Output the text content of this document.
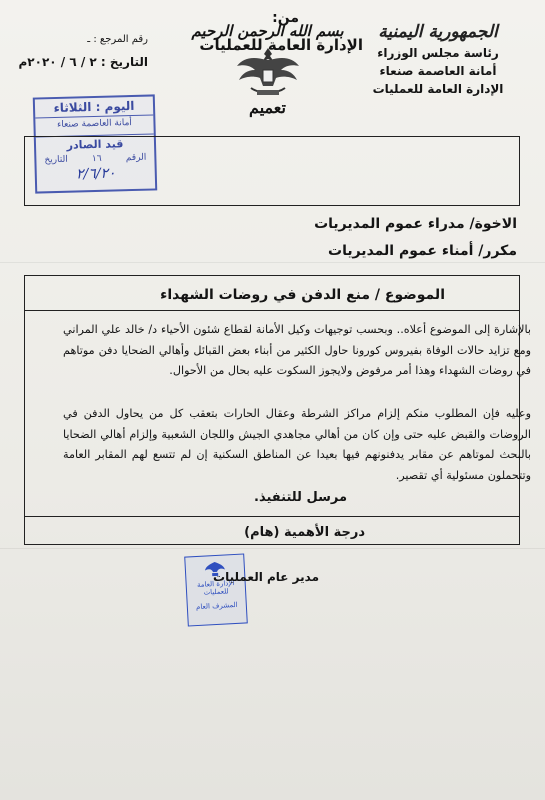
الجمهورية اليمنية
رئاسة مجلس الوزراء
أمانة العاصمة صنعاء
الإدارة العامة للعمليات
بسم الله الرحمن الرحيم
تعميم
رقم المرجع : ـ
التاريخ : ٢ / ٦ / ٢٠٢٠م
اليوم : الثلاثاء
أمانة العاصمة صنعاء
قيد الصادر
الرقم
١٦
التاريخ
٢/٦/٢٠
من:
الإدارة العامة للعمليات
الاخوة/ مدراء عموم المديريات
مكرر/ أمناء عموم المديريات
الموضوع / منع الدفن في روضات الشهداء
بالإشارة إلى الموضوع أعلاه.. وبحسب توجيهات وكيل الأمانة لقطاع شئون الأحياء د/ خالد علي المراني ومع تزايد حالات الوفاة بفيروس كورونا حاول الكثير من أبناء بعض القبائل وأهالي الضحايا دفن موتاهم في روضات الشهداء وهذا أمر مرفوض ولايجوز السكوت عليه بحال من الأحوال.
وعليه فإن المطلوب منكم إلزام مراكز الشرطة وعقال الحارات بتعقب كل من يحاول الدفن في الروضات والقبض عليه حتى وإن كان من أهالي مجاهدي الجيش واللجان الشعبية وإلزام أهالي الضحايا بالبحث لموتاهم عن مقابر يدفنونهم فيها بعيدا عن المناطق السكنية إن لم تتسع لهم المقابر العامة وتتحملون مسئولية أي تقصير.
مرسل للتنفيذ.
درجة الأهمية (هام)
الإدارة العامة للعمليات
المشرف العام
مدير عام العمليات
